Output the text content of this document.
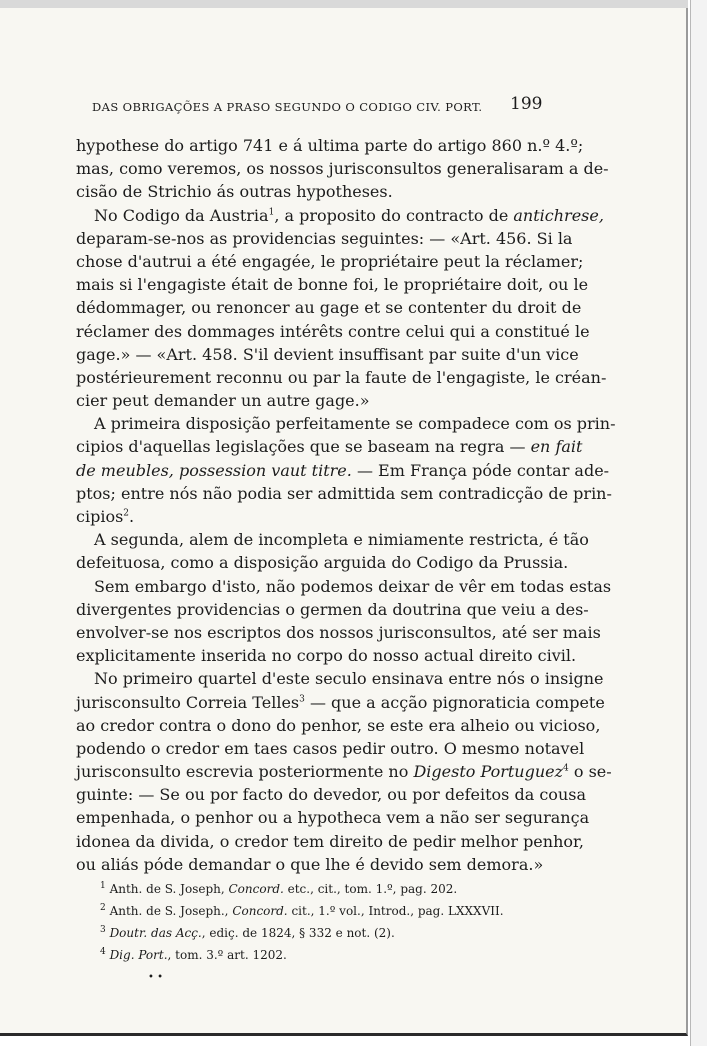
DAS OBRIGAÇÕES A PRASO SEGUNDO O CODIGO CIV. PORT.	199
hypothese do artigo 741 e á ultima parte do artigo 860 n.º 4.º;
mas, como veremos, os nossos jurisconsultos generalisaram a de-
cisão de Strichio ás outras hypotheses.
No Codigo da Austria$^1$, a proposito do contracto de antichrese,
deparam-se-nos as providencias seguintes: — «Art. 456. Si la
chose d'autrui a été engagée, le propriétaire peut la réclamer;
mais si l'engagiste était de bonne foi, le propriétaire doit, ou le
dédommager, ou renoncer au gage et se contenter du droit de
réclamer des dommages intérêts contre celui qui a constitué le
gage.» — «Art. 458. S'il devient insuffisant par suite d'un vice
postérieurement reconnu ou par la faute de l'engagiste, le créan-
cier peut demander un autre gage.»
A primeira disposição perfeitamente se compadece com os prin-
cipios d'aquellas legislações que se baseam na regra — en fait
de meubles, possession vaut titre. — Em França póde contar ade-
ptos; entre nós não podia ser admittida sem contradicção de prin-
cipios$^2$.
A segunda, alem de incompleta e nimiamente restricta, é tão
defeituosa, como a disposição arguida do Codigo da Prussia.
Sem embargo d'isto, não podemos deixar de vêr em todas estas
divergentes providencias o germen da doutrina que veiu a des-
envolver-se nos escriptos dos nossos jurisconsultos, até ser mais
explicitamente inserida no corpo do nosso actual direito civil.
No primeiro quartel d'este seculo ensinava entre nós o insigne
jurisconsulto Correia Telles$^3$ — que a acção pignoraticia compete
ao credor contra o dono do penhor, se este era alheio ou vicioso,
podendo o credor em taes casos pedir outro. O mesmo notavel
jurisconsulto escrevia posteriormente no Digesto Portuguez$^4$ o se-
guinte: — Se ou por facto do devedor, ou por defeitos da cousa
empenhada, o penhor ou a hypotheca vem a não ser segurança
idonea da divida, o credor tem direito de pedir melhor penhor,
ou aliás póde demandar o que lhe é devido sem demora.»
$^1$ Anth. de S. Joseph, Concord. etc., cit., tom. 1.º, pag. 202.
$^2$ Anth. de S. Joseph., Concord. cit., 1.º vol., Introd., pag. LXXXVII.
$^3$ Doutr. das Acç., ediç. de 1824, § 332 e not. (2).
$^4$ Dig. Port., tom. 3.º art. 1202.
• •
